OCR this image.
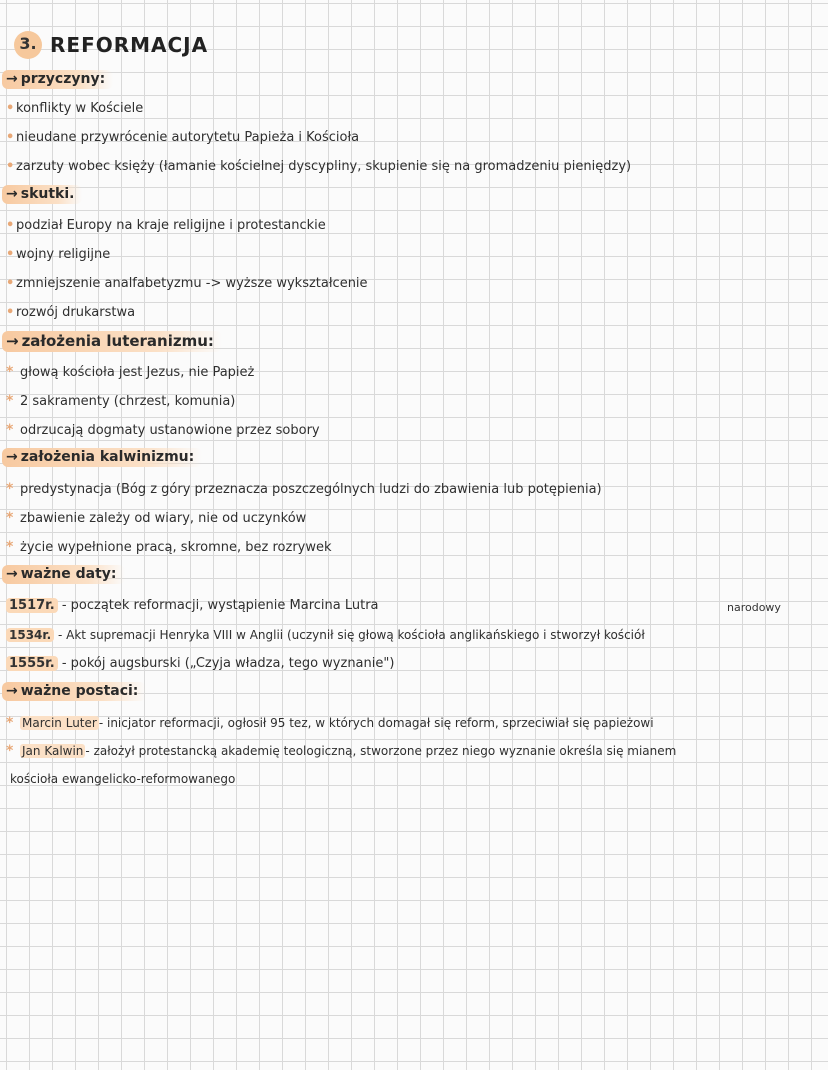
3. REFORMACJA
→ przyczyny:
• konflikty w Kościele
• nieudane przywrócenie autorytetu Papieża i Kościoła
• zarzuty wobec księży (łamanie kościelnej dyscypliny, skupienie się na gromadzeniu pieniędzy)
→ skutki.
• podział Europy na kraje religijne i protestanckie
• wojny religijne
• zmniejszenie analfabetyzmu -> wyższe wykształcenie
• rozwój drukarstwa
→ założenia luteranizmu:
* głową kościoła jest Jezus, nie Papież
* 2 sakramenty (chrzest, komunia)
* odrzucają dogmaty ustanowione przez sobory
→ założenia kalwinizmu:
* predystynacja (Bóg z góry przeznacza poszczególnych ludzi do zbawienia lub potępienia)
* zbawienie zależy od wiary, nie od uczynków
* życie wypełnione pracą, skromne, bez rozrywek
→ ważne daty:
1517r. - początek reformacji, wystąpienie Marcina Lutra
1534r. - Akt supremacji Henryka VIII w Anglii (uczynił się głową kościoła anglikańskiego i stworzył kościół
narodowy
1555r. - pokój augsburski („Czyja władza, tego wyznanie")
→ ważne postaci:
* Marcin Luter - inicjator reformacji, ogłosił 95 tez, w których domagał się reform, sprzeciwiał się papieżowi
* Jan Kalwin - założył protestancką akademię teologiczną, stworzone przez niego wyznanie określa się mianem
kościoła ewangelicko-reformowanego
